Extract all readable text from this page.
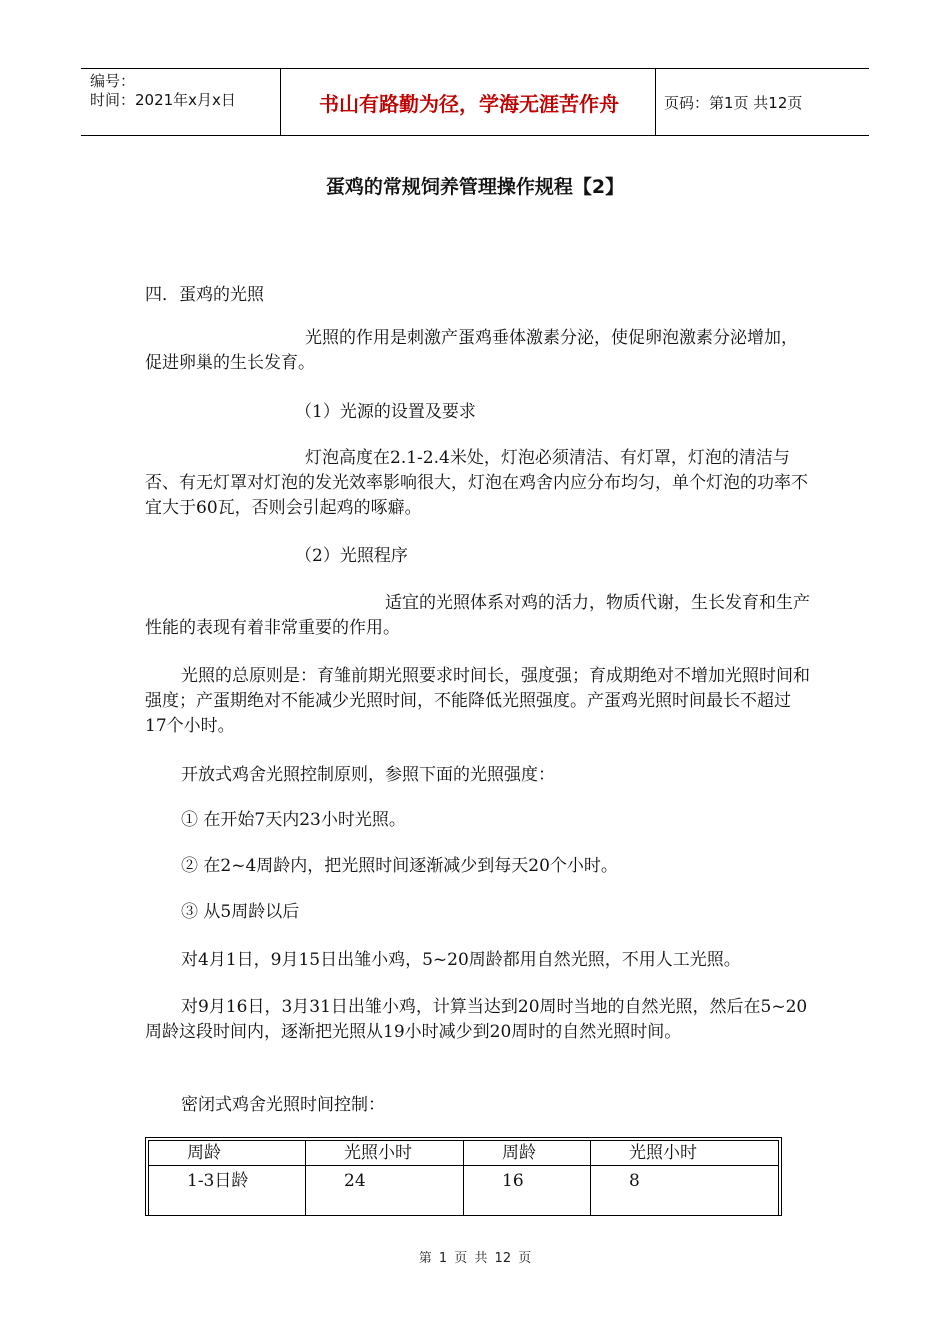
编号：
时间：2021年x月x日	书山有路勤为径，学海无涯苦作舟	页码：第1页 共12页
蛋鸡的常规饲养管理操作规程【2】
四．蛋鸡的光照
光照的作用是刺激产蛋鸡垂体激素分泌，使促卵泡激素分泌增加，促进卵巢的生长发育。
（1）光源的设置及要求
灯泡高度在2.1-2.4米处，灯泡必须清洁、有灯罩，灯泡的清洁与否、有无灯罩对灯泡的发光效率影响很大，灯泡在鸡舍内应分布均匀，单个灯泡的功率不宜大于60瓦，否则会引起鸡的啄癖。
（2）光照程序
适宜的光照体系对鸡的活力，物质代谢，生长发育和生产性能的表现有着非常重要的作用。
光照的总原则是：育雏前期光照要求时间长，强度强；育成期绝对不增加光照时间和强度；产蛋期绝对不能减少光照时间，不能降低光照强度。产蛋鸡光照时间最长不超过17个小时。
开放式鸡舍光照控制原则，参照下面的光照强度：
① 在开始7天内23小时光照。
② 在2~4周龄内，把光照时间逐渐减少到每天20个小时。
③ 从5周龄以后
对4月1日，9月15日出雏小鸡，5~20周龄都用自然光照，不用人工光照。
对9月16日，3月31日出雏小鸡，计算当达到20周时当地的自然光照，然后在5~20周龄这段时间内，逐渐把光照从19小时减少到20周时的自然光照时间。
密闭式鸡舍光照时间控制：
周龄	光照小时	周龄	光照小时
1-3日龄	24	16	8
第 1 页 共 12 页
